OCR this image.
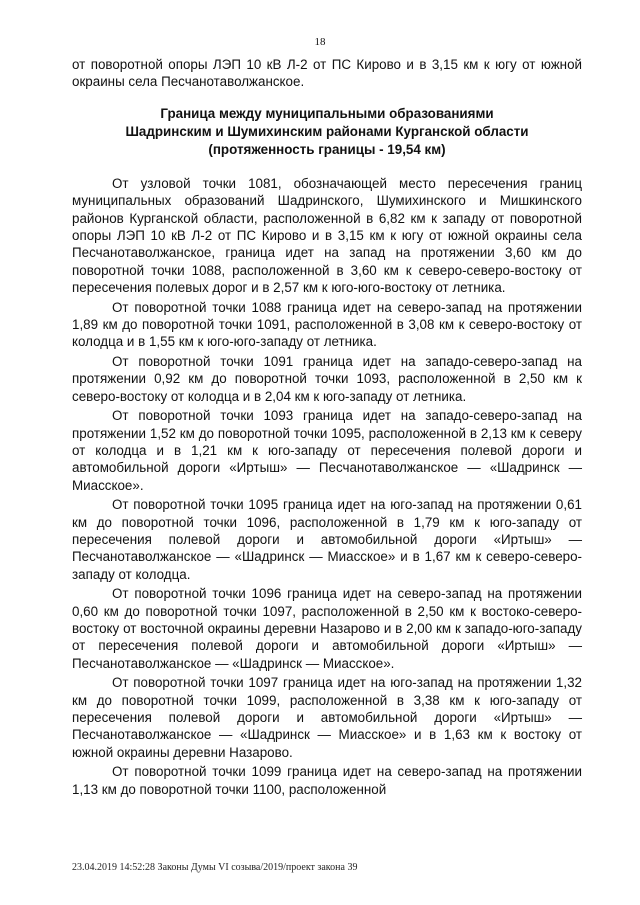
18

от поворотной опоры ЛЭП 10 кВ Л-2 от ПС Кирово и в 3,15 км к югу от южной окраины села Песчанотаволжанское.

Граница между муниципальными образованиями
Шадринским и Шумихинским районами Курганской области
(протяженность границы - 19,54 км)

От узловой точки 1081, обозначающей место пересечения границ муниципальных образований Шадринского, Шумихинского и Мишкинского районов Курганской области, расположенной в 6,82 км к западу от поворотной опоры ЛЭП 10 кВ Л-2 от ПС Кирово и в 3,15 км к югу от южной окраины села Песчанотаволжанское, граница идет на запад на протяжении 3,60 км до поворотной точки 1088, расположенной в 3,60 км к северо-северо-востоку от пересечения полевых дорог и в 2,57 км к юго-юго-востоку от летника.

От поворотной точки 1088 граница идет на северо-запад на протяжении 1,89 км до поворотной точки 1091, расположенной в 3,08 км к северо-востоку от колодца и в 1,55 км к юго-юго-западу от летника.

От поворотной точки 1091 граница идет на западо-северо-запад на протяжении 0,92 км до поворотной точки 1093, расположенной в 2,50 км к северо-востоку от колодца и в 2,04 км к юго-западу от летника.

От поворотной точки 1093 граница идет на западо-северо-запад на протяжении 1,52 км до поворотной точки 1095, расположенной в 2,13 км к северу от колодца и в 1,21 км к юго-западу от пересечения полевой дороги и автомобильной дороги «Иртыш» — Песчанотаволжанское — «Шадринск — Миасское».

От поворотной точки 1095 граница идет на юго-запад на протяжении 0,61 км до поворотной точки 1096, расположенной в 1,79 км к юго-западу от пересечения полевой дороги и автомобильной дороги «Иртыш» — Песчанотаволжанское — «Шадринск — Миасское» и в 1,67 км к северо-северо-западу от колодца.

От поворотной точки 1096 граница идет на северо-запад на протяжении 0,60 км до поворотной точки 1097, расположенной в 2,50 км к востоко-северо-востоку от восточной окраины деревни Назарово и в 2,00 км к западо-юго-западу от пересечения полевой дороги и автомобильной дороги «Иртыш» — Песчанотаволжанское — «Шадринск — Миасское».

От поворотной точки 1097 граница идет на юго-запад на протяжении 1,32 км до поворотной точки 1099, расположенной в 3,38 км к юго-западу от пересечения полевой дороги и автомобильной дороги «Иртыш» — Песчанотаволжанское — «Шадринск — Миасское» и в 1,63 км к востоку от южной окраины деревни Назарово.

От поворотной точки 1099 граница идет на северо-запад на протяжении 1,13 км до поворотной точки 1100, расположенной

23.04.2019 14:52:28 Законы Думы VI созыва/2019/проект закона 39
